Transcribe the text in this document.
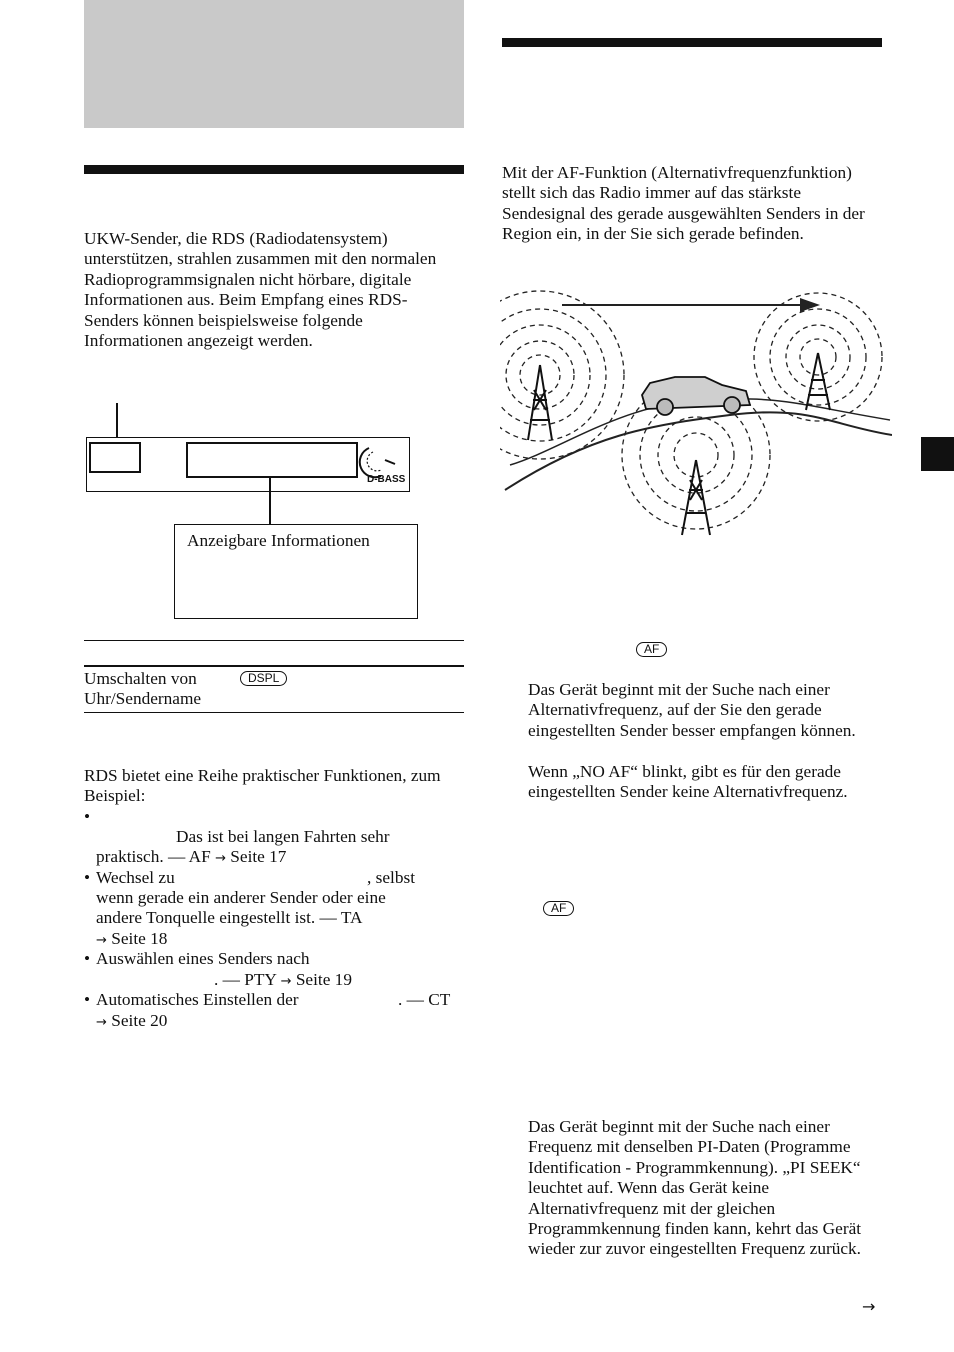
UKW-Sender, die RDS (Radiodatensystem) unterstützen, strahlen zusammen mit den normalen Radioprogrammsignalen nicht hörbare, digitale Informationen aus. Beim Empfang eines RDS-Senders können beispielsweise folgende Informationen angezeigt werden.
D-BASS
Anzeigbare Informationen
Umschalten von
Uhr/Sendername
DSPL
RDS bietet eine Reihe praktischer Funktionen, zum Beispiel:
•
Das ist bei langen Fahrten sehr
praktisch. — AF → Seite 17
• Wechsel zu	, selbst
wenn gerade ein anderer Sender oder eine
andere Tonquelle eingestellt ist. — TA
→ Seite 18
• Auswählen eines Senders nach
. — PTY → Seite 19
• Automatisches Einstellen der	. — CT
→ Seite 20
Mit der AF-Funktion (Alternativfrequenzfunktion) stellt sich das Radio immer auf das stärkste Sendesignal des gerade ausgewählten Senders in der Region ein, in der Sie sich gerade befinden.
AF
Das Gerät beginnt mit der Suche nach einer Alternativfrequenz, auf der Sie den gerade eingestellten Sender besser empfangen können.
Wenn „NO AF“ blinkt, gibt es für den gerade eingestellten Sender keine Alternativfrequenz.
AF
Das Gerät beginnt mit der Suche nach einer Frequenz mit denselben PI-Daten (Programme Identification - Programmkennung). „PI SEEK“ leuchtet auf. Wenn das Gerät keine Alternativfrequenz mit der gleichen Programmkennung finden kann, kehrt das Gerät wieder zur zuvor eingestellten Frequenz zurück.
→
